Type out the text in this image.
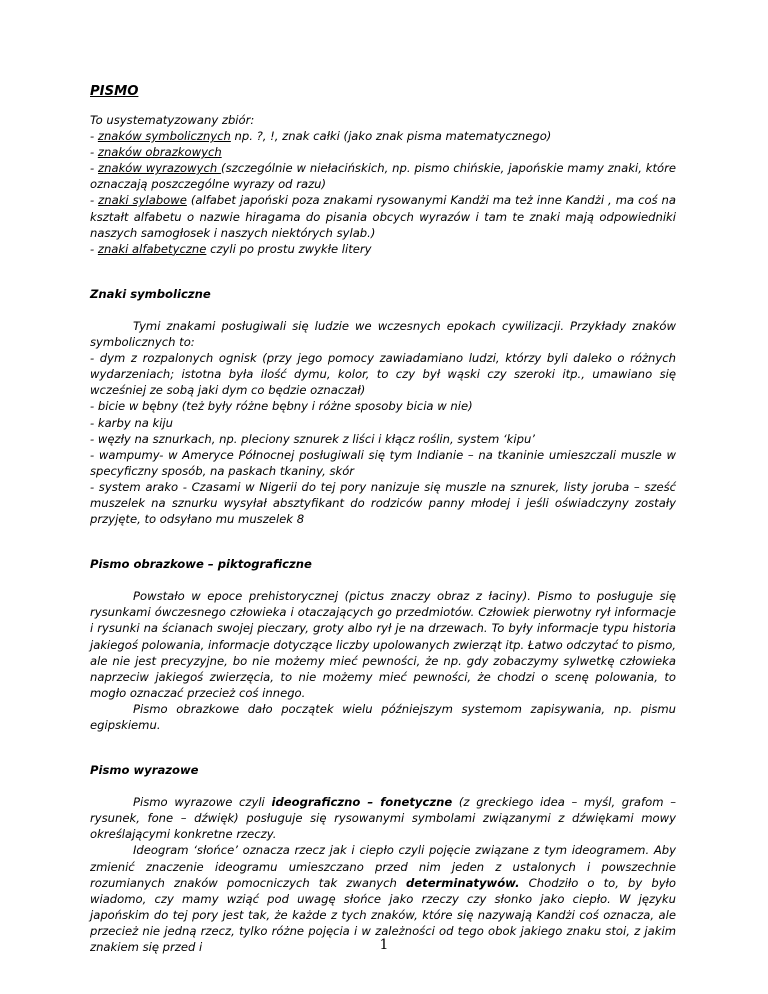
PISMO

To usystematyzowany zbiór:

- znaków symbolicznych np. ?, !, znak całki (jako znak pisma matematycznego)

- znaków obrazkowych

- znaków wyrazowych (szczególnie w niełacińskich, np. pismo chińskie, japońskie mamy znaki, które oznaczają poszczególne wyrazy od razu)

- znaki sylabowe (alfabet japoński poza znakami rysowanymi Kandżi ma też inne Kandżi , ma coś na kształt alfabetu o nazwie hiragama do pisania obcych wyrazów i tam te znaki mają odpowiedniki naszych samogłosek i naszych niektórych sylab.)

- znaki alfabetyczne czyli po prostu zwykłe litery

Znaki symboliczne

Tymi znakami posługiwali się ludzie we wczesnych epokach cywilizacji. Przykłady znaków symbolicznych to:

- dym z rozpalonych ognisk (przy jego pomocy zawiadamiano ludzi, którzy byli daleko o różnych wydarzeniach; istotna była ilość dymu, kolor, to czy był wąski czy szeroki itp., umawiano się wcześniej ze sobą jaki dym co będzie oznaczał)

- bicie w bębny (też były różne bębny i różne sposoby bicia w nie)

- karby na kiju

- węzły na sznurkach, np. pleciony sznurek z liści i kłącz roślin, system ‘kipu’

- wampumy- w Ameryce Północnej posługiwali się tym Indianie – na tkaninie umieszczali muszle w specyficzny sposób, na paskach tkaniny, skór

- system arako - Czasami w Nigerii do tej pory nanizuje się muszle na sznurek, listy joruba – sześć muszelek na sznurku wysyłał absztyfikant do rodziców panny młodej i jeśli oświadczyny zostały przyjęte, to odsyłano mu muszelek 8

Pismo obrazkowe – piktograficzne

Powstało w epoce prehistorycznej (pictus znaczy obraz z łaciny). Pismo to posługuje się rysunkami ówczesnego człowieka i otaczających go przedmiotów. Człowiek pierwotny rył informacje i rysunki na ścianach swojej pieczary, groty albo rył je na drzewach. To były informacje typu historia jakiegoś polowania, informacje dotyczące liczby upolowanych zwierząt itp. Łatwo odczytać to pismo, ale nie jest precyzyjne, bo nie możemy mieć pewności, że np. gdy zobaczymy sylwetkę człowieka naprzeciw jakiegoś zwierzęcia, to nie możemy mieć pewności, że chodzi o scenę polowania, to mogło oznaczać przecież coś innego.

Pismo obrazkowe dało początek wielu późniejszym systemom zapisywania, np. pismu egipskiemu.

Pismo wyrazowe

Pismo wyrazowe czyli ideograficzno – fonetyczne (z greckiego idea – myśl, grafom – rysunek, fone – dźwięk) posługuje się rysowanymi symbolami związanymi z dźwiękami mowy określającymi konkretne rzeczy.

Ideogram ‘słońce’ oznacza rzecz jak i ciepło czyli pojęcie związane z tym ideogramem. Aby zmienić znaczenie ideogramu umieszczano przed nim jeden z ustalonych i powszechnie rozumianych znaków pomocniczych tak zwanych determinatywów. Chodziło o to, by było wiadomo, czy mamy wziąć pod uwagę słońce jako rzeczy czy słonko jako ciepło. W języku japońskim do tej pory jest tak, że każde z tych znaków, które się nazywają Kandżi coś oznacza, ale przecież nie jedną rzecz, tylko różne pojęcia i w zależności od tego obok jakiego znaku stoi, z jakim znakiem się przed i	1
